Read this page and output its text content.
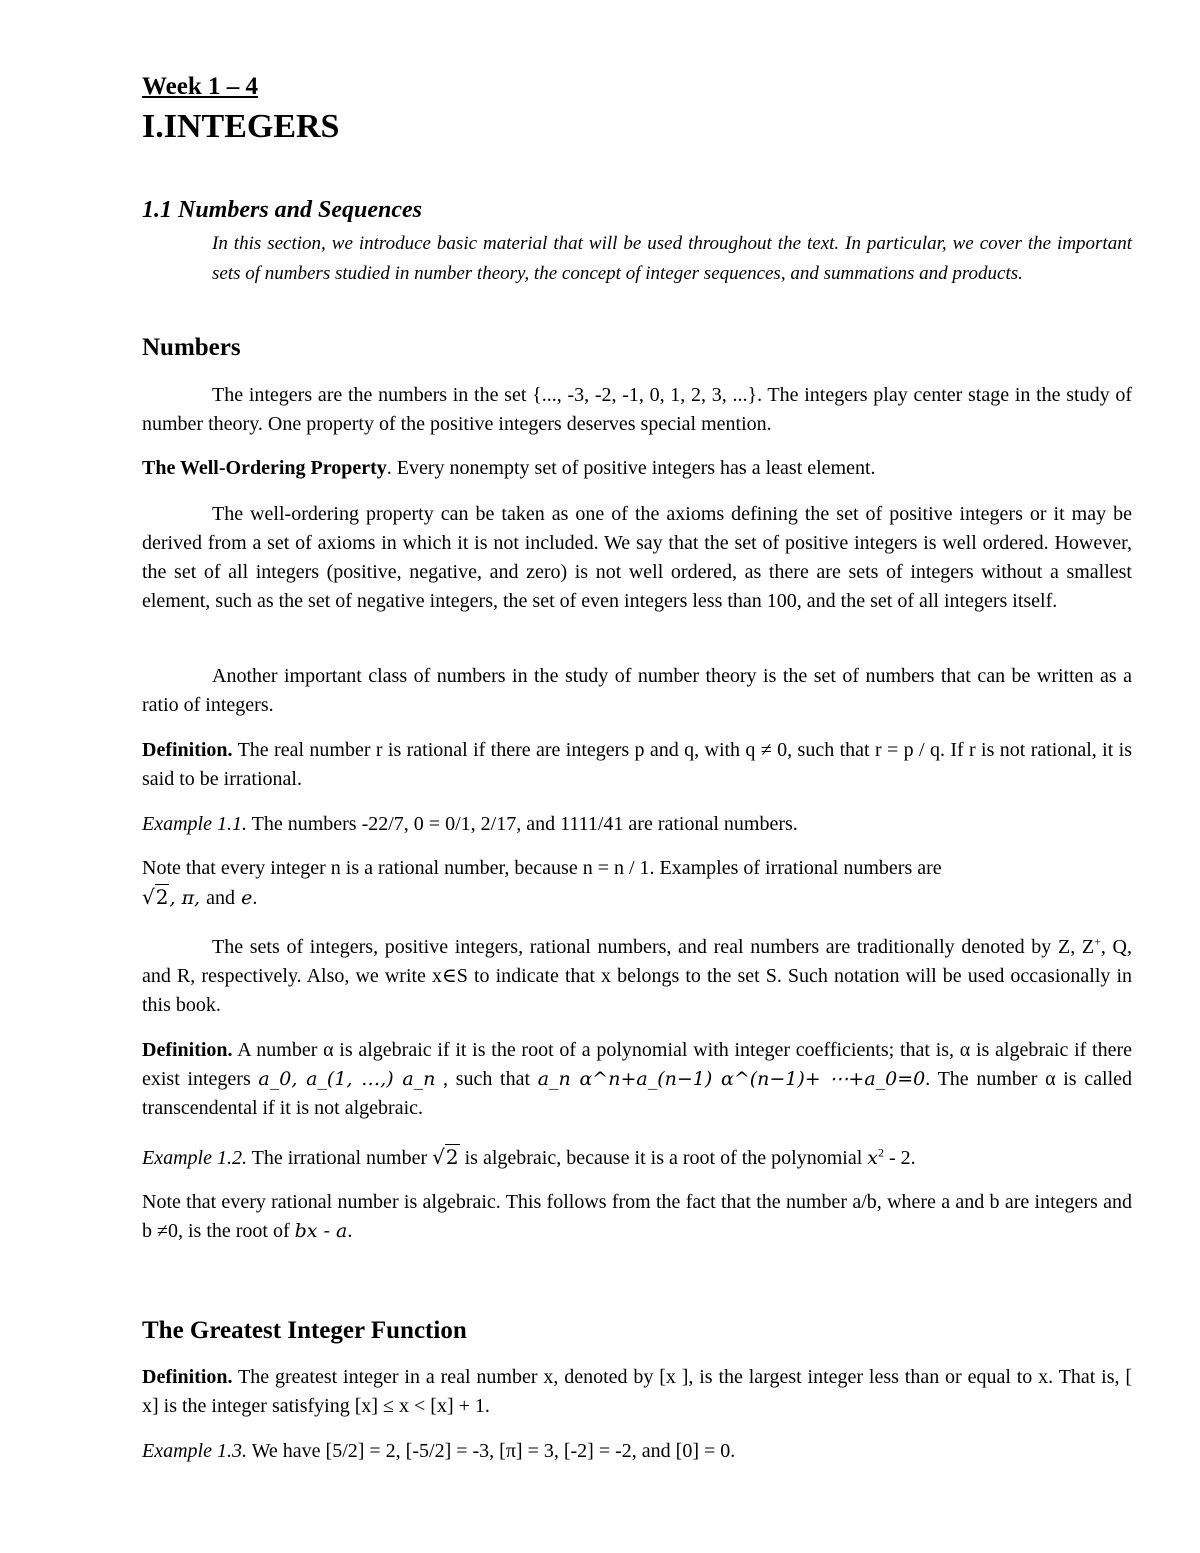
Week 1 – 4
I.INTEGERS
1.1 Numbers and Sequences

In this section, we introduce basic material that will be used throughout the text. In particular, we cover the important sets of numbers studied in number theory, the concept of integer sequences, and summations and products.

Numbers

The integers are the numbers in the set {..., -3, -2, -1, 0, 1, 2, 3, ...}. The integers play center stage in the study of number theory. One property of the positive integers deserves special mention.

The Well-Ordering Property. Every nonempty set of positive integers has a least element.

The well-ordering property can be taken as one of the axioms defining the set of positive integers or it may be derived from a set of axioms in which it is not included. We say that the set of positive integers is well ordered. However, the set of all integers (positive, negative, and zero) is not well ordered, as there are sets of integers without a smallest element, such as the set of negative integers, the set of even integers less than 100, and the set of all integers itself.

Another important class of numbers in the study of number theory is the set of numbers that can be written as a ratio of integers.

Definition. The real number r is rational if there are integers p and q, with q ≠ 0, such that r = p / q. If r is not rational, it is said to be irrational.

Example 1.1. The numbers -22/7, 0 = 0/1, 2/17, and 1111/41 are rational numbers.

Note that every integer n is a rational number, because n = n / 1. Examples of irrational numbers are
√2, π, and e.

The sets of integers, positive integers, rational numbers, and real numbers are traditionally denoted by Z, Z+, Q, and R, respectively. Also, we write x∈S to indicate that x belongs to the set S. Such notation will be used occasionally in this book.

Definition. A number α is algebraic if it is the root of a polynomial with integer coefficients; that is, α is algebraic if there exist integers a_0, a_(1, …,) a_n , such that a_n α^n+a_(n−1) α^(n−1)+ ⋯+a_0=0. The number α is called transcendental if it is not algebraic.

Example 1.2. The irrational number √2 is algebraic, because it is a root of the polynomial $x^2 - 2$.

Note that every rational number is algebraic. This follows from the fact that the number a/b, where a and b are integers and b ≠0, is the root of bx - a.

The Greatest Integer Function

Definition. The greatest integer in a real number x, denoted by [x ], is the largest integer less than or equal to x. That is, [ x] is the integer satisfying [x] ≤ x < [x] + 1.

Example 1.3. We have [5/2] = 2, [-5/2] = -3, [π] = 3, [-2] = -2, and [0] = 0.
